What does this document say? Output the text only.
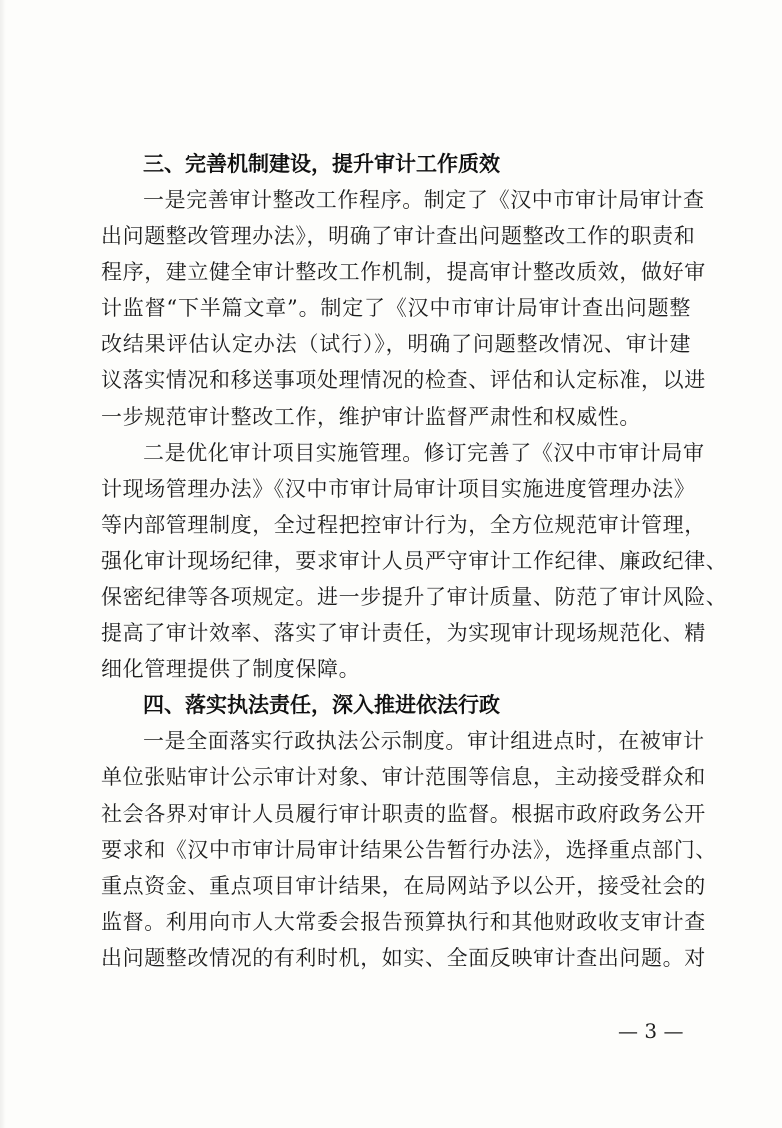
三、完善机制建设，提升审计工作质效
一是完善审计整改工作程序。制定了《汉中市审计局审计查
出问题整改管理办法》，明确了审计查出问题整改工作的职责和
程序，建立健全审计整改工作机制，提高审计整改质效，做好审
计监督“下半篇文章”。制定了《汉中市审计局审计查出问题整
改结果评估认定办法（试行）》，明确了问题整改情况、审计建
议落实情况和移送事项处理情况的检查、评估和认定标准，以进
一步规范审计整改工作，维护审计监督严肃性和权威性。
二是优化审计项目实施管理。修订完善了《汉中市审计局审
计现场管理办法》《汉中市审计局审计项目实施进度管理办法》
等内部管理制度，全过程把控审计行为，全方位规范审计管理，
强化审计现场纪律，要求审计人员严守审计工作纪律、廉政纪律、
保密纪律等各项规定。进一步提升了审计质量、防范了审计风险、
提高了审计效率、落实了审计责任，为实现审计现场规范化、精
细化管理提供了制度保障。
四、落实执法责任，深入推进依法行政
一是全面落实行政执法公示制度。审计组进点时，在被审计
单位张贴审计公示审计对象、审计范围等信息，主动接受群众和
社会各界对审计人员履行审计职责的监督。根据市政府政务公开
要求和《汉中市审计局审计结果公告暂行办法》，选择重点部门、
重点资金、重点项目审计结果，在局网站予以公开，接受社会的
监督。利用向市人大常委会报告预算执行和其他财政收支审计查
出问题整改情况的有利时机，如实、全面反映审计查出问题。对
— 3 —
